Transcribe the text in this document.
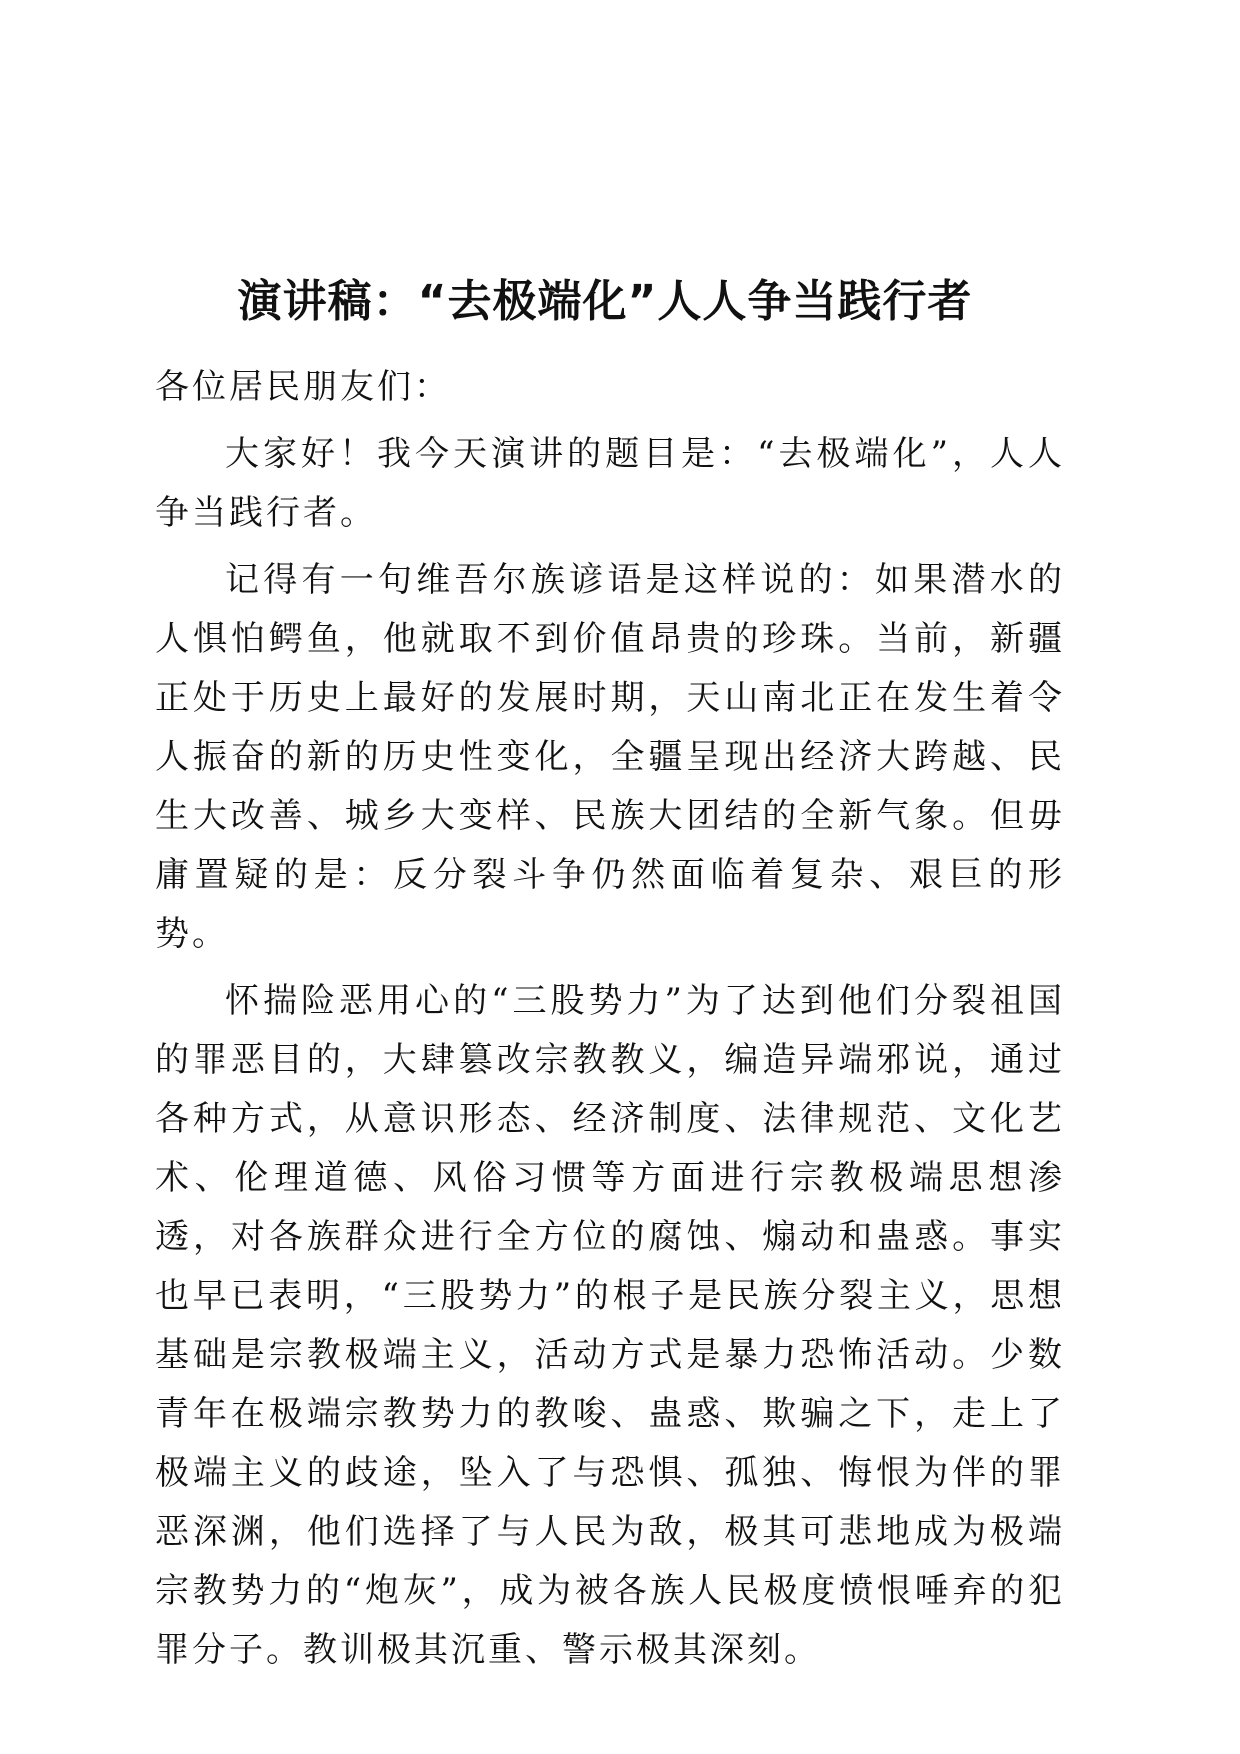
演讲稿：“去极端化”人人争当践行者

各位居民朋友们：

大家好！我今天演讲的题目是：“去极端化”，人人争当践行者。

记得有一句维吾尔族谚语是这样说的：如果潜水的人惧怕鳄鱼，他就取不到价值昂贵的珍珠。当前，新疆正处于历史上最好的发展时期，天山南北正在发生着令人振奋的新的历史性变化，全疆呈现出经济大跨越、民生大改善、城乡大变样、民族大团结的全新气象。但毋庸置疑的是：反分裂斗争仍然面临着复杂、艰巨的形势。

怀揣险恶用心的“三股势力”为了达到他们分裂祖国的罪恶目的，大肆篡改宗教教义，编造异端邪说，通过各种方式，从意识形态、经济制度、法律规范、文化艺术、伦理道德、风俗习惯等方面进行宗教极端思想渗透，对各族群众进行全方位的腐蚀、煽动和蛊惑。事实也早已表明，“三股势力”的根子是民族分裂主义，思想基础是宗教极端主义，活动方式是暴力恐怖活动。少数青年在极端宗教势力的教唆、蛊惑、欺骗之下，走上了极端主义的歧途，坠入了与恐惧、孤独、悔恨为伴的罪恶深渊，他们选择了与人民为敌，极其可悲地成为极端宗教势力的“炮灰”，成为被各族人民极度愤恨唾弃的犯罪分子。教训极其沉重、警示极其深刻。
